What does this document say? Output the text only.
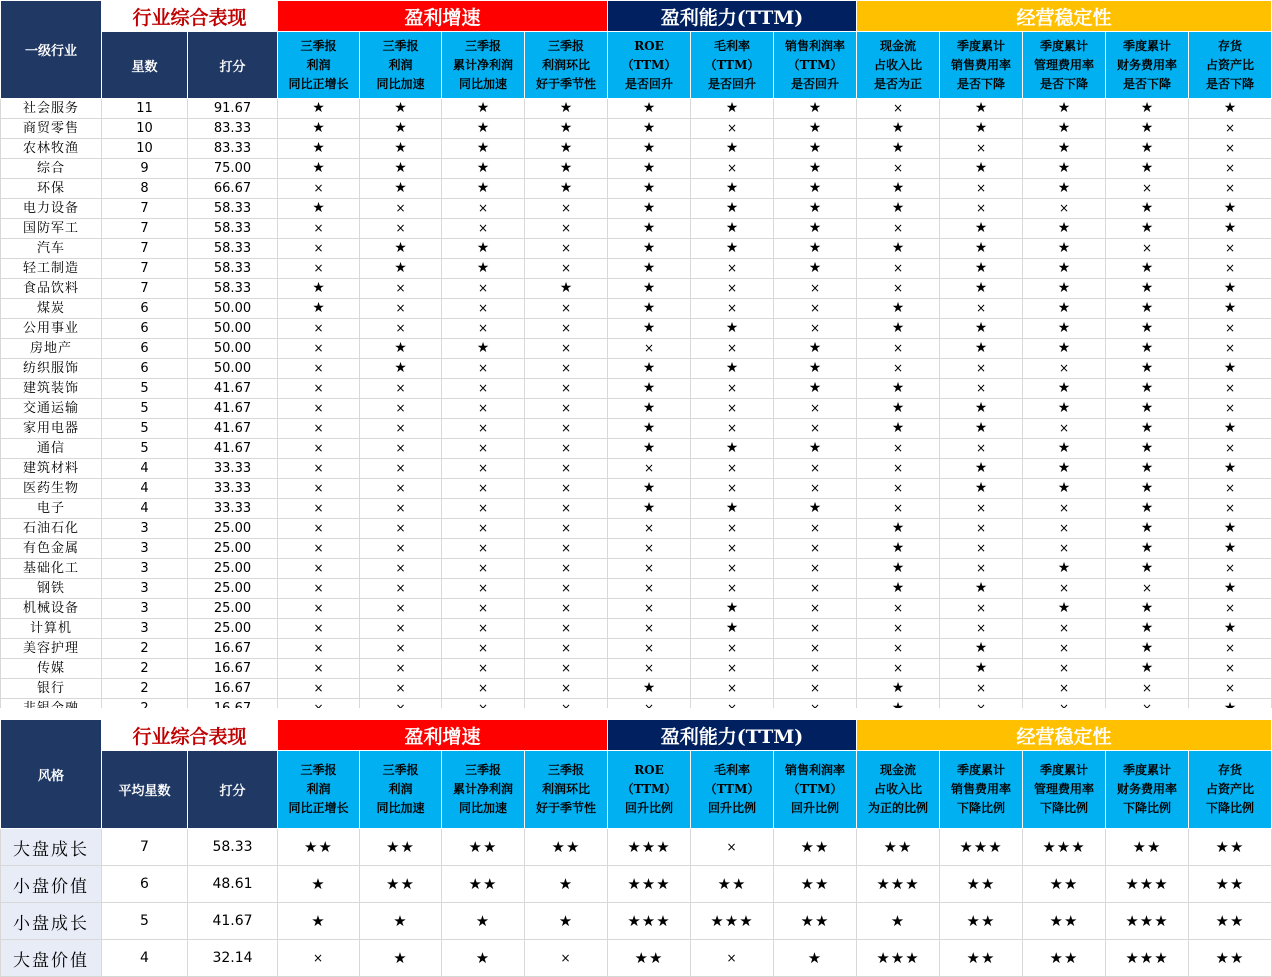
一级行业	行业综合表现		盈利增速				盈利能力(TTM)			经营稳定性				
	星数	打分	三季报
利润
同比正增长	三季报
利润
同比加速	三季报
累计净利润
同比加速	三季报
利润环比
好于季节性	ROE
（TTM）
是否回升	毛利率
（TTM）
是否回升	销售利润率
（TTM）
是否回升	现金流
占收入比
是否为正	季度累计
销售费用率
是否下降	季度累计
管理费用率
是否下降	季度累计
财务费用率
是否下降	存货
占资产比
是否下降

社会服务	11	91.67	★	★	★	★	★	★	★	×	★	★	★	★
商贸零售	10	83.33	★	★	★	★	★	×	★	★	★	★	★	×
农林牧渔	10	83.33	★	★	★	★	★	★	★	★	×	★	★	×
综合	9	75.00	★	★	★	★	★	×	★	×	★	★	★	×
环保	8	66.67	×	★	★	★	★	★	★	★	×	★	×	×
电力设备	7	58.33	★	×	×	×	★	★	★	★	×	×	★	★
国防军工	7	58.33	×	×	×	×	★	★	★	×	★	★	★	★
汽车	7	58.33	×	★	★	×	★	★	★	★	★	★	×	×
轻工制造	7	58.33	×	★	★	×	★	×	★	×	★	★	★	×
食品饮料	7	58.33	★	×	×	★	★	×	×	×	★	★	★	★
煤炭	6	50.00	★	×	×	×	★	×	×	★	×	★	★	★
公用事业	6	50.00	×	×	×	×	★	★	×	★	★	★	★	×
房地产	6	50.00	×	★	★	×	×	×	★	×	★	★	★	×
纺织服饰	6	50.00	×	★	×	×	★	★	★	×	×	×	★	★
建筑装饰	5	41.67	×	×	×	×	★	×	★	★	×	★	★	×
交通运输	5	41.67	×	×	×	×	★	×	×	★	★	★	★	×
家用电器	5	41.67	×	×	×	×	★	×	×	★	★	×	★	★
通信	5	41.67	×	×	×	×	★	★	★	×	×	★	★	×
建筑材料	4	33.33	×	×	×	×	×	×	×	×	★	★	★	★
医药生物	4	33.33	×	×	×	×	★	×	×	×	★	★	★	×
电子	4	33.33	×	×	×	×	★	★	★	×	×	×	★	×
石油石化	3	25.00	×	×	×	×	×	×	×	★	×	×	★	★
有色金属	3	25.00	×	×	×	×	×	×	×	★	×	×	★	★
基础化工	3	25.00	×	×	×	×	×	×	×	★	×	★	★	×
钢铁	3	25.00	×	×	×	×	×	×	×	★	★	×	×	★
机械设备	3	25.00	×	×	×	×	×	★	×	×	×	★	★	×
计算机	3	25.00	×	×	×	×	×	★	×	×	×	×	★	★
美容护理	2	16.67	×	×	×	×	×	×	×	×	★	×	★	×
传媒	2	16.67	×	×	×	×	×	×	×	×	★	×	★	×
银行	2	16.67	×	×	×	×	★	×	×	★	×	×	×	×

风格	行业综合表现		盈利增速				盈利能力(TTM)			经营稳定性				
	平均星数	打分	三季报
利润
同比正增长	三季报
利润
同比加速	三季报
累计净利润
同比加速	三季报
利润环比
好于季节性	ROE
（TTM）
回升比例	毛利率
（TTM）
回升比例	销售利润率
（TTM）
回升比例	现金流
占收入比
为正的比例	季度累计
销售费用率
下降比例	季度累计
管理费用率
下降比例	季度累计
财务费用率
下降比例	存货
占资产比
下降比例

大盘成长	7	58.33	★★	★★	★★	★★	★★★	×	★★	★★	★★★	★★★	★★	★★
小盘价值	6	48.61	★	★★	★★	★	★★★	★★	★★	★★★	★★	★★	★★★	★★
小盘成长	5	41.67	★	★	★	★	★★★	★★★	★★	★	★★	★★	★★★	★★
大盘价值	4	32.14	×	★	★	×	★★	×	★	★★★	★★	★★	★★★	★★
